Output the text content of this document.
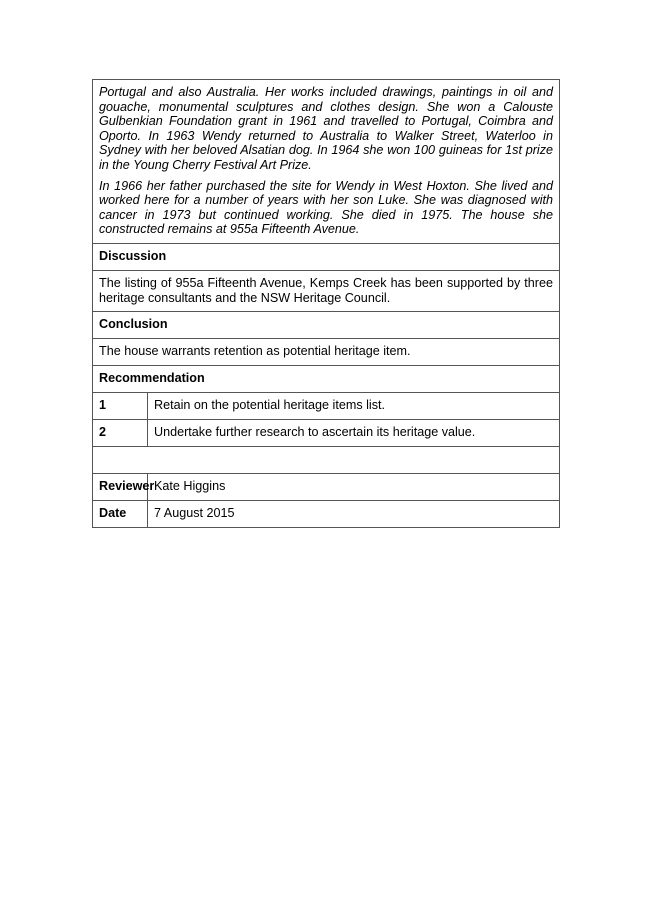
Portugal and also Australia. Her works included drawings, paintings in oil and gouache, monumental sculptures and clothes design. She won a Calouste Gulbenkian Foundation grant in 1961 and travelled to Portugal, Coimbra and Oporto. In 1963 Wendy returned to Australia to Walker Street, Waterloo in Sydney with her beloved Alsatian dog. In 1964 she won 100 guineas for 1st prize in the Young Cherry Festival Art Prize.

In 1966 her father purchased the site for Wendy in West Hoxton. She lived and worked here for a number of years with her son Luke. She was diagnosed with cancer in 1973 but continued working. She died in 1975. The house she constructed remains at 955a Fifteenth Avenue.	

Discussion	
The listing of 955a Fifteenth Avenue, Kemps Creek has been supported by three heritage consultants and the NSW Heritage Council.	
Conclusion	
The house warrants retention as potential heritage item.	
Recommendation	
1	Retain on the potential heritage items list.
2	Undertake further research to ascertain its heritage value.

Reviewer	Kate Higgins
Date	7 August 2015
